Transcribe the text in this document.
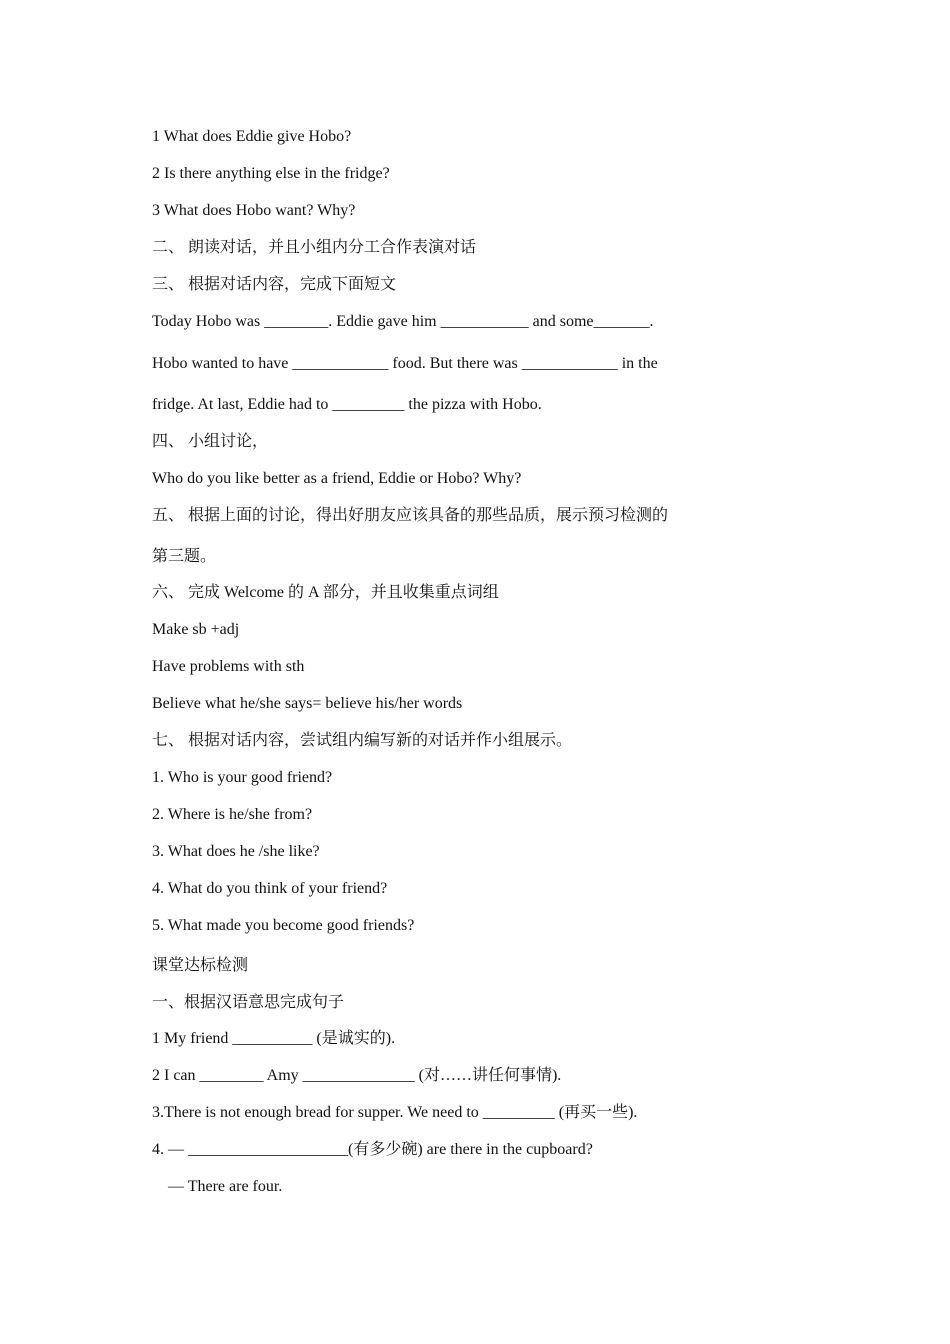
1 What does Eddie give Hobo?
2 Is there anything else in the fridge?
3 What does Hobo want? Why?
二、 朗读对话，并且小组内分工合作表演对话
三、 根据对话内容，完成下面短文
Today Hobo was ________. Eddie gave him ___________ and some_______.
Hobo wanted to have ____________ food. But there was ____________ in the
fridge. At last, Eddie had to _________ the pizza with Hobo.
四、 小组讨论，
Who do you like better as a friend, Eddie or Hobo? Why?
五、 根据上面的讨论，得出好朋友应该具备的那些品质，展示预习检测的
第三题。
六、 完成 Welcome 的 A 部分，并且收集重点词组
Make sb +adj
Have problems with sth
Believe what he/she says= believe his/her words
七、 根据对话内容，尝试组内编写新的对话并作小组展示。
1. Who is your good friend?
2. Where is he/she from?
3. What does he /she like?
4. What do you think of your friend?
5. What made you become good friends?
课堂达标检测
一、根据汉语意思完成句子
1 My friend __________ (是诚实的).
2 I can ________ Amy ______________ (对……讲任何事情).
3.There is not enough bread for supper. We need to _________ (再买一些).
4. — ____________________(有多少碗) are there in the cupboard?
— There are four.
